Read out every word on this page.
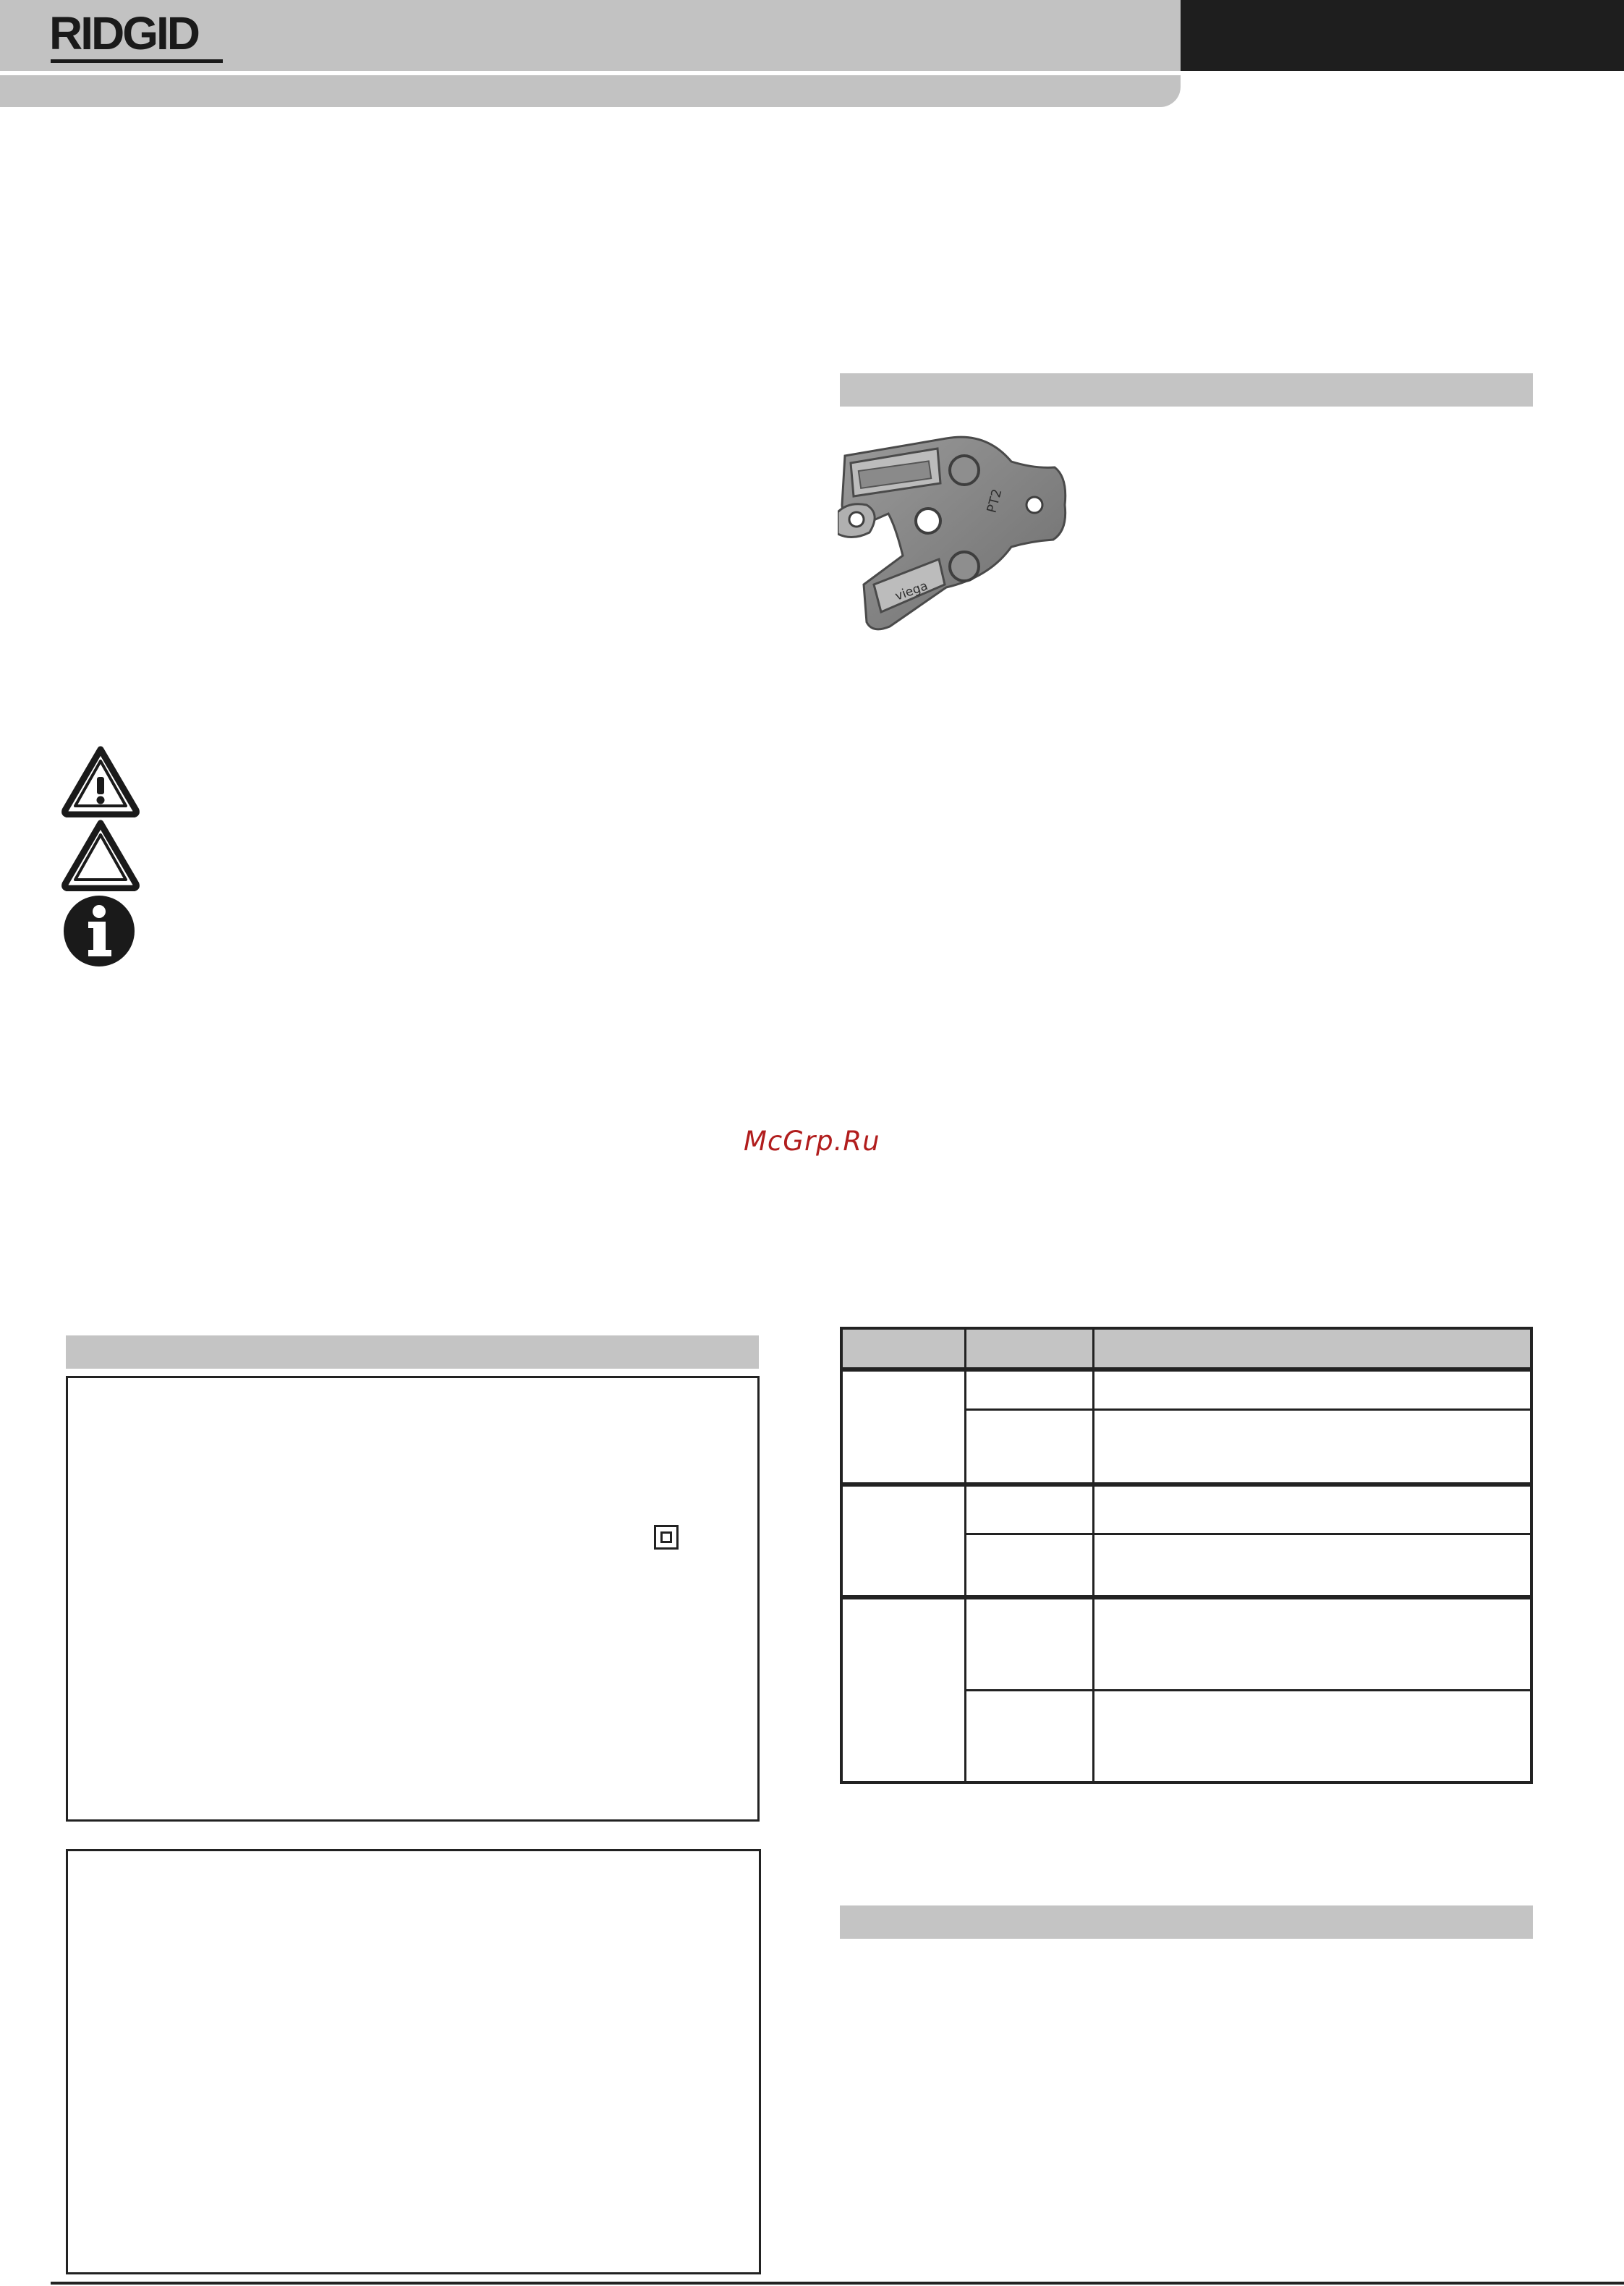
RIDGID
PT2
viega
McGrp.Ru
